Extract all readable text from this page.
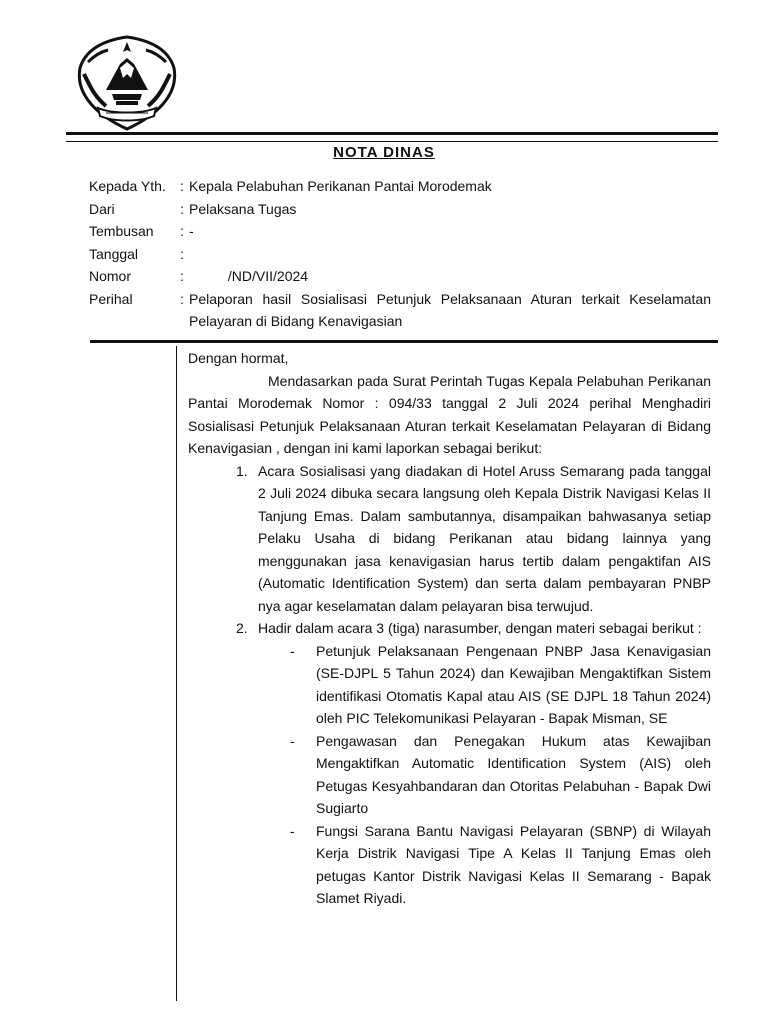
NOTA DINAS
Kepada Yth.	: Kepala Pelabuhan Perikanan Pantai Morodemak
Dari	: Pelaksana Tugas
Tembusan	: -
Tanggal	:
Nomor	: /ND/VII/2024
Perihal	: Pelaporan hasil Sosialisasi Petunjuk Pelaksanaan Aturan terkait Keselamatan Pelayaran di Bidang Kenavigasian

Dengan hormat,

Mendasarkan pada Surat Perintah Tugas Kepala Pelabuhan Perikanan Pantai Morodemak Nomor : 094/33 tanggal 2 Juli 2024 perihal Menghadiri Sosialisasi Petunjuk Pelaksanaan Aturan terkait Keselamatan Pelayaran di Bidang Kenavigasian , dengan ini kami laporkan sebagai berikut:

1. Acara Sosialisasi yang diadakan di Hotel Aruss Semarang pada tanggal 2 Juli 2024 dibuka secara langsung oleh Kepala Distrik Navigasi Kelas II Tanjung Emas. Dalam sambutannya, disampaikan bahwasanya setiap Pelaku Usaha di bidang Perikanan atau bidang lainnya yang menggunakan jasa kenavigasian harus tertib dalam pengaktifan AIS (Automatic Identification System) dan serta dalam pembayaran PNBP nya agar keselamatan dalam pelayaran bisa terwujud.
2. Hadir dalam acara 3 (tiga) narasumber, dengan materi sebagai berikut :
-	Petunjuk Pelaksanaan Pengenaan PNBP Jasa Kenavigasian (SE-DJPL 5 Tahun 2024) dan Kewajiban Mengaktifkan Sistem identifikasi Otomatis Kapal atau AIS (SE DJPL 18 Tahun 2024) oleh PIC Telekomunikasi Pelayaran - Bapak Misman, SE
-	Pengawasan dan Penegakan Hukum atas Kewajiban Mengaktifkan Automatic Identification System (AIS) oleh Petugas Kesyahbandaran dan Otoritas Pelabuhan - Bapak Dwi Sugiarto
-	Fungsi Sarana Bantu Navigasi Pelayaran (SBNP) di Wilayah Kerja Distrik Navigasi Tipe A Kelas II Tanjung Emas oleh petugas Kantor Distrik Navigasi Kelas II Semarang - Bapak Slamet Riyadi.
